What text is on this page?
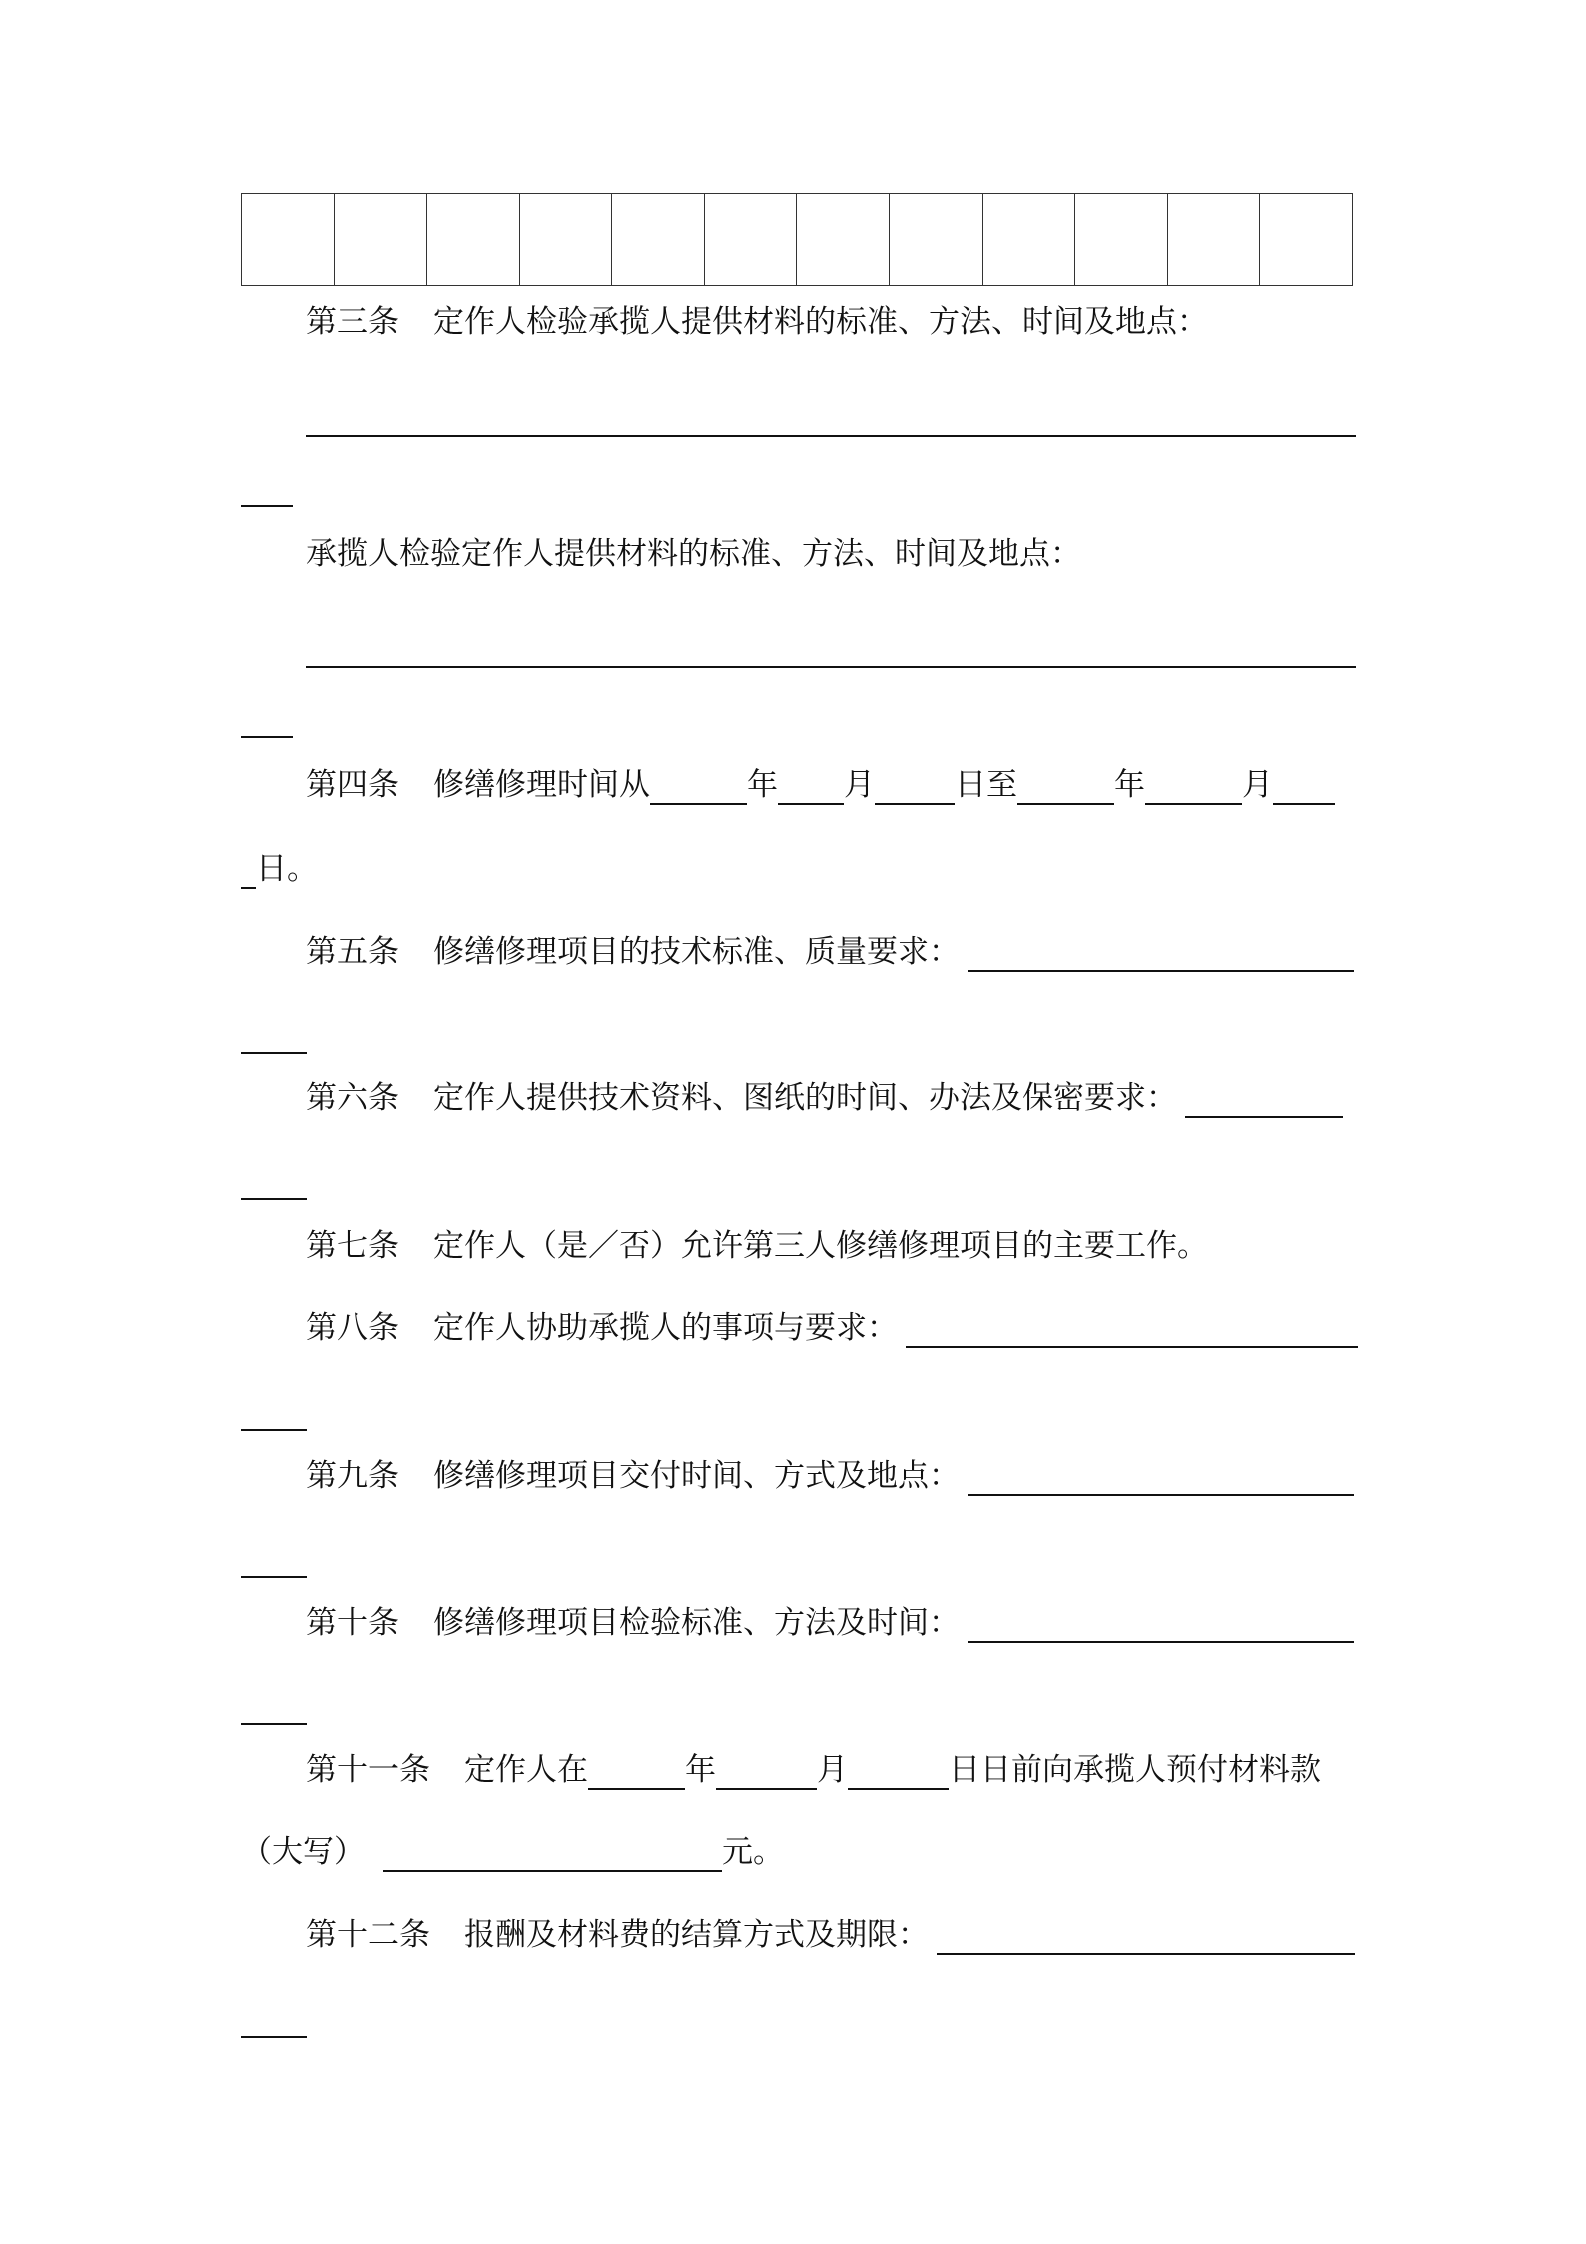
第三条 定作人检验承揽人提供材料的标准、方法、时间及地点：
承揽人检验定作人提供材料的标准、方法、时间及地点：
第四条 修缮修理时间从	年 月	日至	年	月
日。
第五条 修缮修理项目的技术标准、质量要求：
第六条 定作人提供技术资料、图纸的时间、办法及保密要求：
第七条 定作人（是／否）允许第三人修缮修理项目的主要工作。
第八条 定作人协助承揽人的事项与要求：
第九条 修缮修理项目交付时间、方式及地点：
第十条 修缮修理项目检验标准、方法及时间：
第十一条 定作人在	年	月	日日前向承揽人预付材料款
（大写）	元。
第十二条 报酬及材料费的结算方式及期限：
